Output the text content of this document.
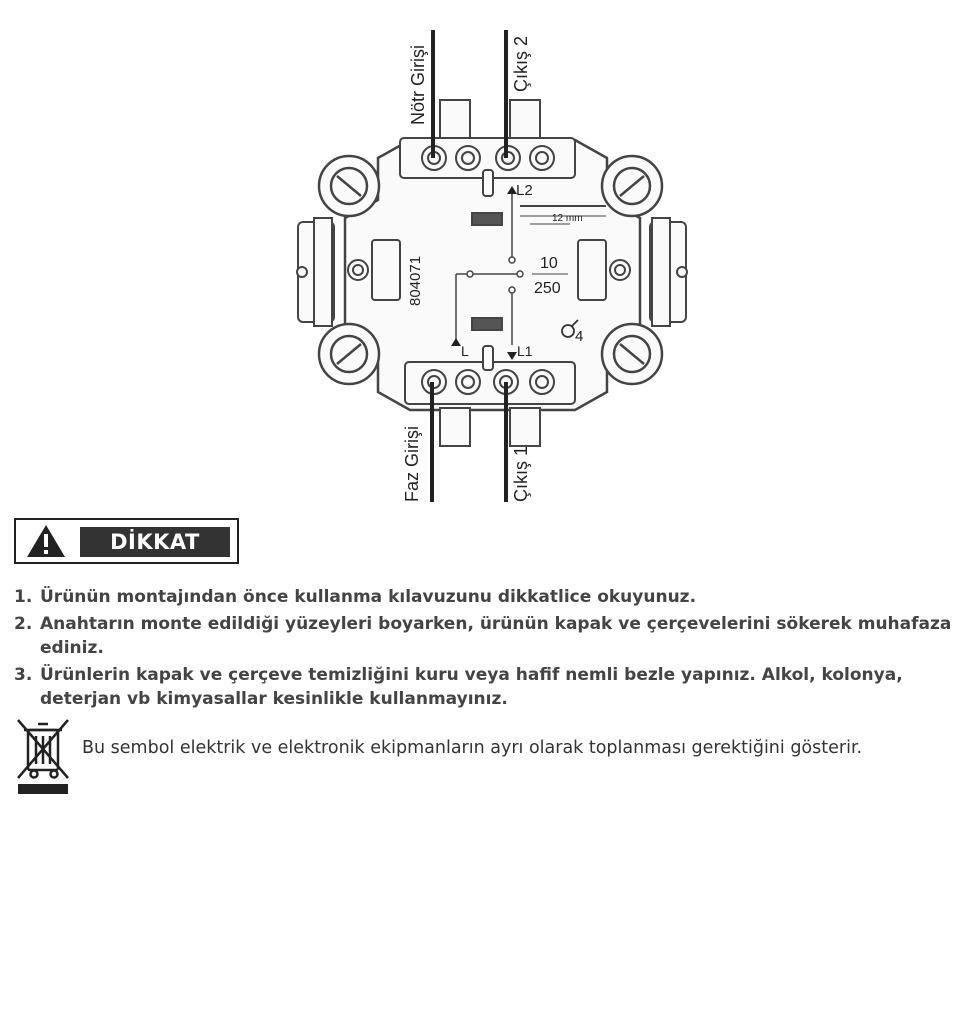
Nötr Girişi	Çıkış 2
Faz Girişi	Çıkış 1
L2
L	L1
12 mm
804071	10
250
4
DİKKAT
1. Ürünün montajından önce kullanma kılavuzunu dikkatlice okuyunuz.
2. Anahtarın monte edildiği yüzeyleri boyarken, ürünün kapak ve çerçevelerini sökerek muhafaza ediniz.
3. Ürünlerin kapak ve çerçeve temizliğini kuru veya hafif nemli bezle yapınız. Alkol, kolonya, deterjan vb kimyasallar kesinlikle kullanmayınız.
Bu sembol elektrik ve elektronik ekipmanların ayrı olarak toplanması gerektiğini gösterir.
